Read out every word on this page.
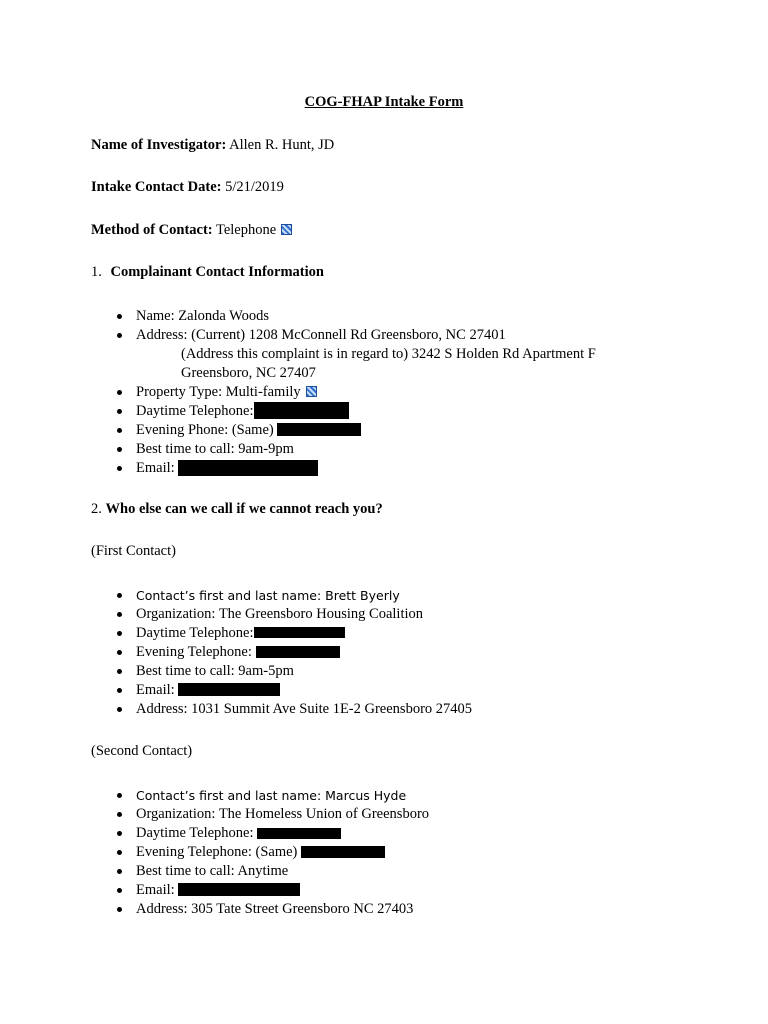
COG-FHAP Intake Form
Name of Investigator: Allen R. Hunt, JD
Intake Contact Date: 5/21/2019
Method of Contact: Telephone
1. Complainant Contact Information
Name: Zalonda Woods
Address: (Current) 1208 McConnell Rd Greensboro, NC 27401
(Address this complaint is in regard to) 3242 S Holden Rd Apartment F
Greensboro, NC 27407
Property Type: Multi-family
Daytime Telephone:
Evening Phone: (Same)
Best time to call: 9am-9pm
Email:
2. Who else can we call if we cannot reach you?
(First Contact)
Contact’s first and last name: Brett Byerly
Organization: The Greensboro Housing Coalition
Daytime Telephone:
Evening Telephone:
Best time to call: 9am-5pm
Email:
Address: 1031 Summit Ave Suite 1E-2 Greensboro 27405
(Second Contact)
Contact’s first and last name: Marcus Hyde
Organization: The Homeless Union of Greensboro
Daytime Telephone:
Evening Telephone: (Same)
Best time to call: Anytime
Email:
Address: 305 Tate Street Greensboro NC 27403
